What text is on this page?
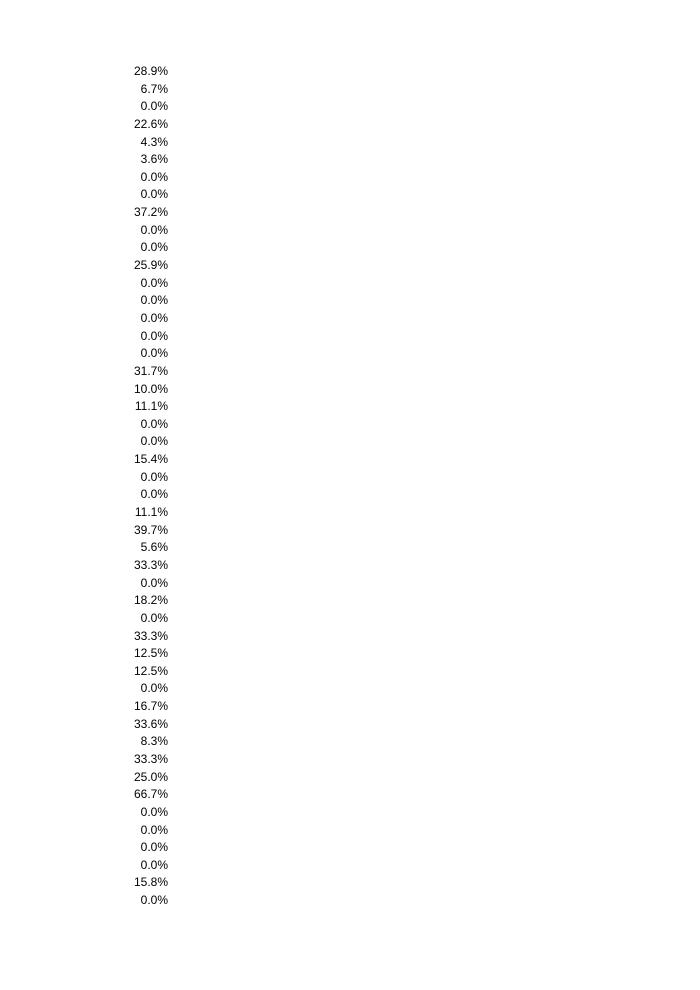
28.9%
6.7%
0.0%
22.6%
4.3%
3.6%
0.0%
0.0%
37.2%
0.0%
0.0%
25.9%
0.0%
0.0%
0.0%
0.0%
0.0%
31.7%
10.0%
11.1%
0.0%
0.0%
15.4%
0.0%
0.0%
11.1%
39.7%
5.6%
33.3%
0.0%
18.2%
0.0%
33.3%
12.5%
12.5%
0.0%
16.7%
33.6%
8.3%
33.3%
25.0%
66.7%
0.0%
0.0%
0.0%
0.0%
15.8%
0.0%
